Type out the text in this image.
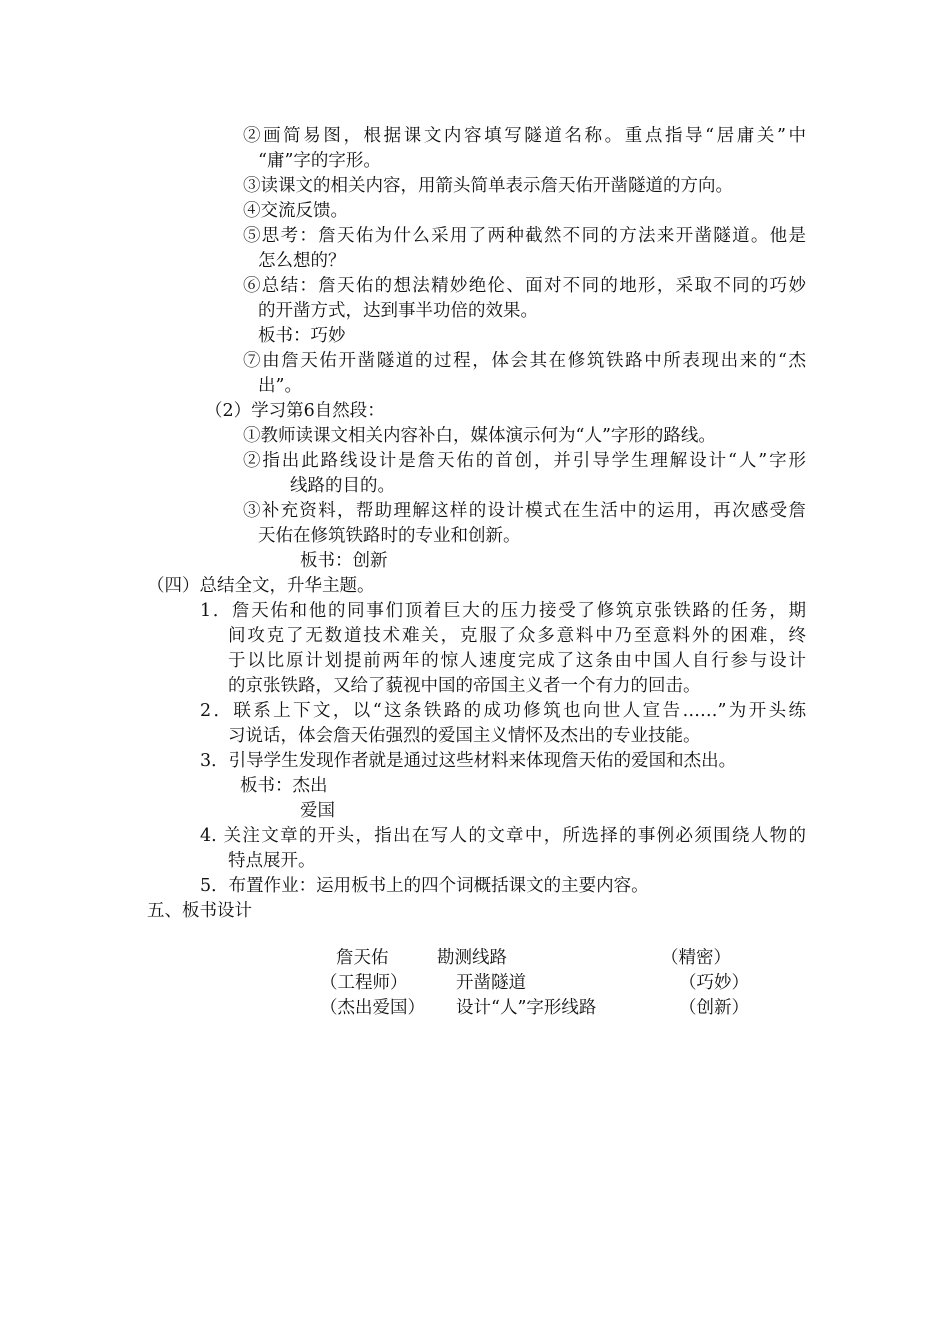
②画简易图，根据课文内容填写隧道名称。重点指导“居庸关”中
“庸”字的字形。
③读课文的相关内容，用箭头简单表示詹天佑开凿隧道的方向。
④交流反馈。
⑤思考：詹天佑为什么采用了两种截然不同的方法来开凿隧道。他是
怎么想的？
⑥总结：詹天佑的想法精妙绝伦、面对不同的地形，采取不同的巧妙
的开凿方式，达到事半功倍的效果。
板书：巧妙
⑦由詹天佑开凿隧道的过程，体会其在修筑铁路中所表现出来的“杰
出”。
（2）学习第6自然段：
①教师读课文相关内容补白，媒体演示何为“人”字形的路线。
②指出此路线设计是詹天佑的首创，并引导学生理解设计“人”字形
线路的目的。
③补充资料，帮助理解这样的设计模式在生活中的运用，再次感受詹
天佑在修筑铁路时的专业和创新。
板书：创新
（四）总结全文，升华主题。
1．詹天佑和他的同事们顶着巨大的压力接受了修筑京张铁路的任务，期
间攻克了无数道技术难关，克服了众多意料中乃至意料外的困难，终
于以比原计划提前两年的惊人速度完成了这条由中国人自行参与设计
的京张铁路，又给了藐视中国的帝国主义者一个有力的回击。
2．联系上下文，以“这条铁路的成功修筑也向世人宣告……”为开头练
习说话，体会詹天佑强烈的爱国主义情怀及杰出的专业技能。
3．引导学生发现作者就是通过这些材料来体现詹天佑的爱国和杰出。
板书：杰出
爱国
4. 关注文章的开头，指出在写人的文章中，所选择的事例必须围绕人物的
特点展开。
5．布置作业：运用板书上的四个词概括课文的主要内容。
五、板书设计
詹天佑
（工程师）
（杰出爱国）
勘测线路
开凿隧道
设计“人”字形线路
（精密）
（巧妙）
（创新）
